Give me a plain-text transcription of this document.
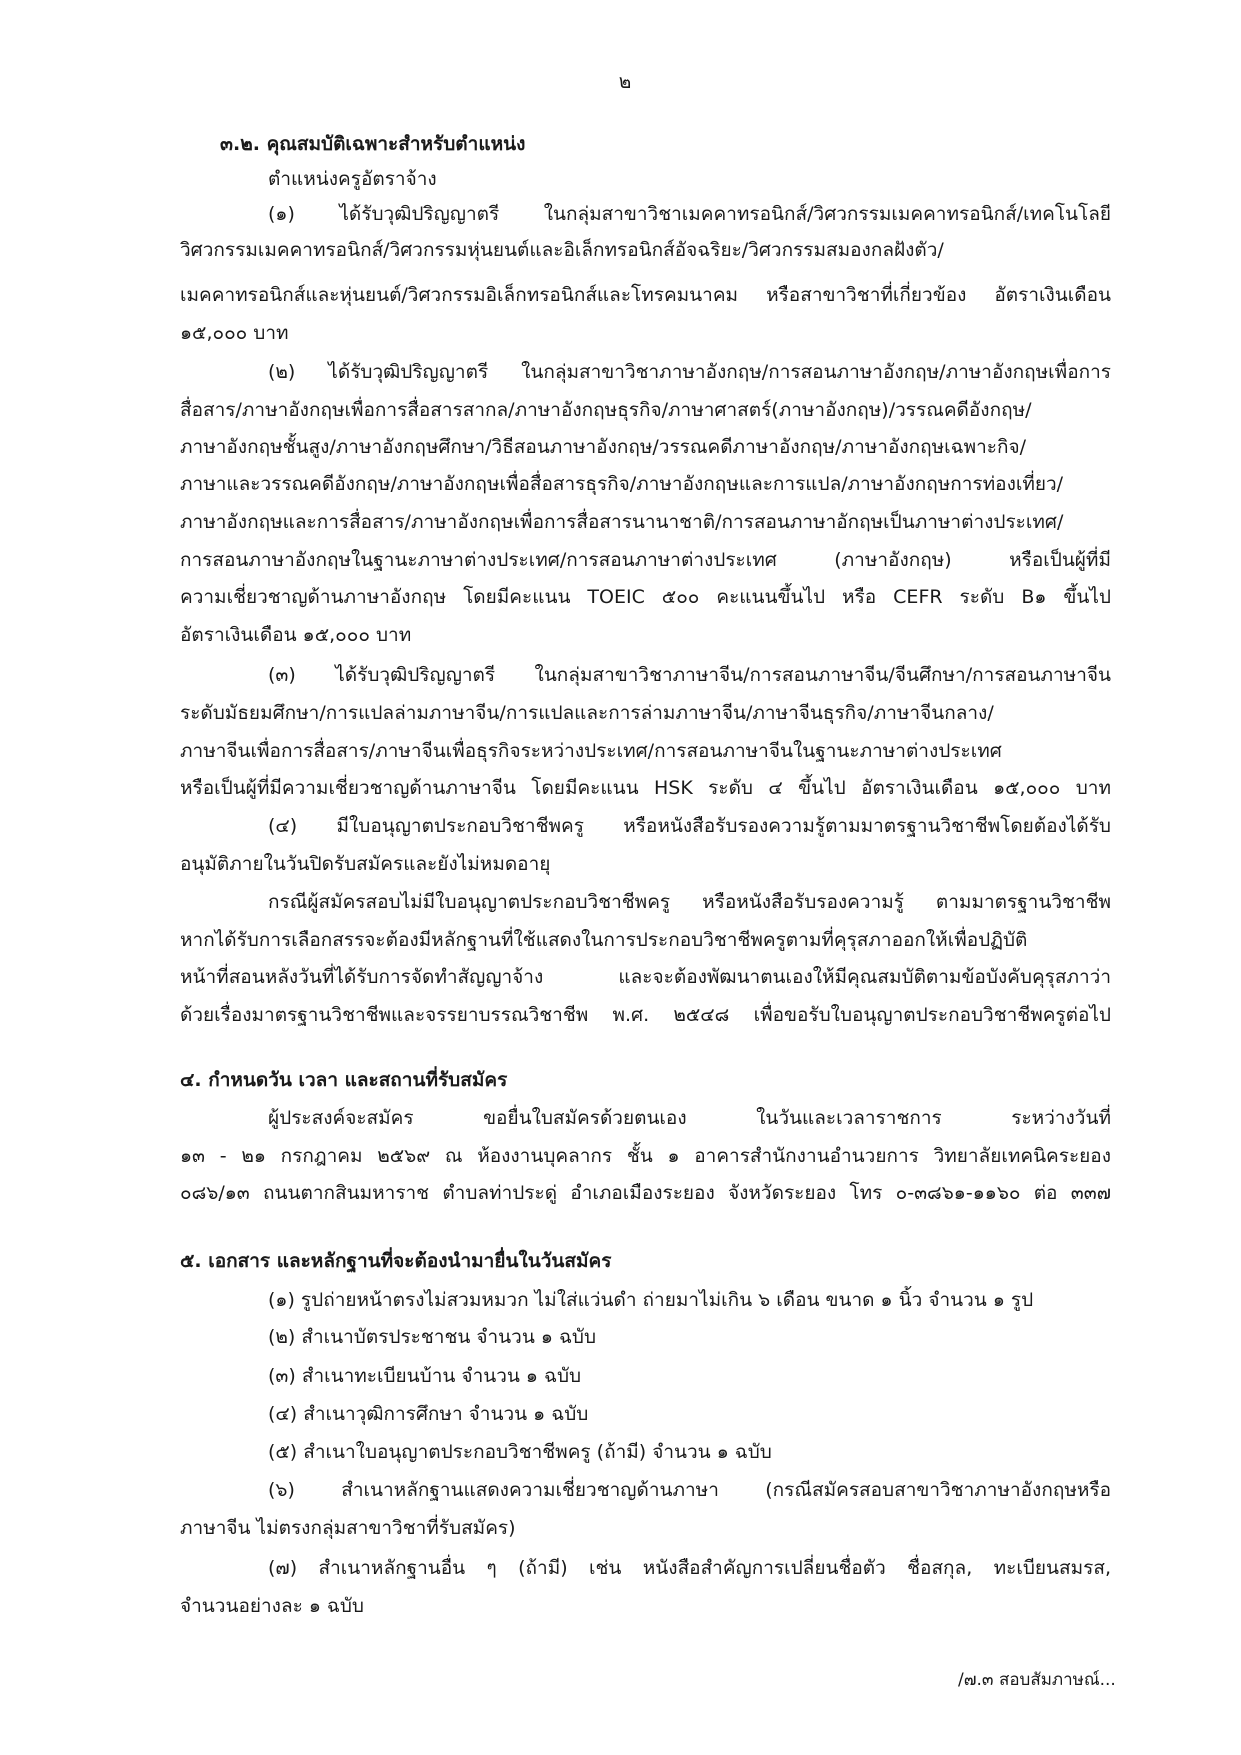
๒
๓.๒. คุณสมบัติเฉพาะสำหรับตำแหน่ง
ตำแหน่งครูอัตราจ้าง
(๑) ได้รับวุฒิปริญญาตรี ในกลุ่มสาขาวิชาเมคคาทรอนิกส์/วิศวกรรมเมคคาทรอนิกส์/เทคโนโลยี
วิศวกรรมเมคคาทรอนิกส์/วิศวกรรมหุ่นยนต์และอิเล็กทรอนิกส์อัจฉริยะ/วิศวกรรมสมองกลฝังตัว/
เมคคาทรอนิกส์และหุ่นยนต์/วิศวกรรมอิเล็กทรอนิกส์และโทรคมนาคม หรือสาขาวิชาที่เกี่ยวข้อง อัตราเงินเดือน
๑๕,๐๐๐ บาท
(๒) ได้รับวุฒิปริญญาตรี ในกลุ่มสาขาวิชาภาษาอังกฤษ/การสอนภาษาอังกฤษ/ภาษาอังกฤษเพื่อการ
สื่อสาร/ภาษาอังกฤษเพื่อการสื่อสารสากล/ภาษาอังกฤษธุรกิจ/ภาษาศาสตร์(ภาษาอังกฤษ)/วรรณคดีอังกฤษ/
ภาษาอังกฤษชั้นสูง/ภาษาอังกฤษศึกษา/วิธีสอนภาษาอังกฤษ/วรรณคดีภาษาอังกฤษ/ภาษาอังกฤษเฉพาะกิจ/
ภาษาและวรรณคดีอังกฤษ/ภาษาอังกฤษเพื่อสื่อสารธุรกิจ/ภาษาอังกฤษและการแปล/ภาษาอังกฤษการท่องเที่ยว/
ภาษาอังกฤษและการสื่อสาร/ภาษาอังกฤษเพื่อการสื่อสารนานาชาติ/การสอนภาษาอักฤษเป็นภาษาต่างประเทศ/
การสอนภาษาอังกฤษในฐานะภาษาต่างประเทศ/การสอนภาษาต่างประเทศ (ภาษาอังกฤษ) หรือเป็นผู้ที่มี
ความเชี่ยวชาญด้านภาษาอังกฤษ โดยมีคะแนน TOEIC ๕๐๐ คะแนนขึ้นไป หรือ CEFR ระดับ B๑ ขึ้นไป
อัตราเงินเดือน ๑๕,๐๐๐ บาท
(๓) ได้รับวุฒิปริญญาตรี ในกลุ่มสาขาวิชาภาษาจีน/การสอนภาษาจีน/จีนศึกษา/การสอนภาษาจีน
ระดับมัธยมศึกษา/การแปลล่ามภาษาจีน/การแปลและการล่ามภาษาจีน/ภาษาจีนธุรกิจ/ภาษาจีนกลาง/
ภาษาจีนเพื่อการสื่อสาร/ภาษาจีนเพื่อธุรกิจระหว่างประเทศ/การสอนภาษาจีนในฐานะภาษาต่างประเทศ
หรือเป็นผู้ที่มีความเชี่ยวชาญด้านภาษาจีน โดยมีคะแนน HSK ระดับ ๔ ขึ้นไป อัตราเงินเดือน ๑๕,๐๐๐ บาท
(๔) มีใบอนุญาตประกอบวิชาชีพครู หรือหนังสือรับรองความรู้ตามมาตรฐานวิชาชีพโดยต้องได้รับ
อนุมัติภายในวันปิดรับสมัครและยังไม่หมดอายุ
กรณีผู้สมัครสอบไม่มีใบอนุญาตประกอบวิชาชีพครู หรือหนังสือรับรองความรู้ ตามมาตรฐานวิชาชีพ
หากได้รับการเลือกสรรจะต้องมีหลักฐานที่ใช้แสดงในการประกอบวิชาชีพครูตามที่คุรุสภาออกให้เพื่อปฏิบัติ
หน้าที่สอนหลังวันที่ได้รับการจัดทำสัญญาจ้าง และจะต้องพัฒนาตนเองให้มีคุณสมบัติตามข้อบังคับคุรุสภาว่า
ด้วยเรื่องมาตรฐานวิชาชีพและจรรยาบรรณวิชาชีพ พ.ศ. ๒๕๔๘ เพื่อขอรับใบอนุญาตประกอบวิชาชีพครูต่อไป
๔. กำหนดวัน เวลา และสถานที่รับสมัคร
ผู้ประสงค์จะสมัคร ขอยื่นใบสมัครด้วยตนเอง ในวันและเวลาราชการ ระหว่างวันที่
๑๓ - ๒๑ กรกฎาคม ๒๕๖๙ ณ ห้องงานบุคลากร ชั้น ๑ อาคารสำนักงานอำนวยการ วิทยาลัยเทคนิคระยอง
๐๘๖/๑๓ ถนนตากสินมหาราช ตำบลท่าประดู่ อำเภอเมืองระยอง จังหวัดระยอง โทร ๐-๓๘๖๑-๑๑๖๐ ต่อ ๓๓๗
๕. เอกสาร และหลักฐานที่จะต้องนำมายื่นในวันสมัคร
(๑) รูปถ่ายหน้าตรงไม่สวมหมวก ไม่ใส่แว่นดำ ถ่ายมาไม่เกิน ๖ เดือน ขนาด ๑ นิ้ว จำนวน ๑ รูป
(๒) สำเนาบัตรประชาชน จำนวน ๑ ฉบับ
(๓) สำเนาทะเบียนบ้าน จำนวน ๑ ฉบับ
(๔) สำเนาวุฒิการศึกษา จำนวน ๑ ฉบับ
(๕) สำเนาใบอนุญาตประกอบวิชาชีพครู (ถ้ามี) จำนวน ๑ ฉบับ
(๖) สำเนาหลักฐานแสดงความเชี่ยวชาญด้านภาษา (กรณีสมัครสอบสาขาวิชาภาษาอังกฤษหรือ
ภาษาจีน ไม่ตรงกลุ่มสาขาวิชาที่รับสมัคร)
(๗) สำเนาหลักฐานอื่น ๆ (ถ้ามี) เช่น หนังสือสำคัญการเปลี่ยนชื่อตัว ชื่อสกุล, ทะเบียนสมรส,
จำนวนอย่างละ ๑ ฉบับ
/๗.๓ สอบสัมภาษณ์...
